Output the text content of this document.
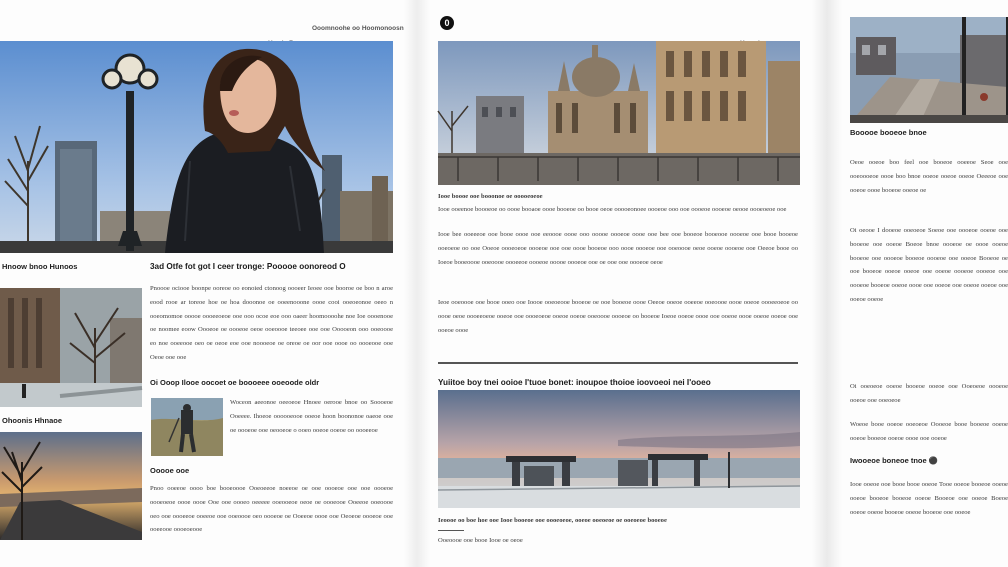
Ooomnoohe oo Hoomonoosn
Hnoow bnoo Hunoos
Ohoonis Hhnaoe
3ad Otfe fot got I ceer tronge: Pooooe oonoreod O
Pnoooe ociooe boonpe ooreoe oo eonoied ctonoog oooeer Ieoee ooe booroe oe boo n aroe eood rooe ar toreoe hoe oe hoa dooonoe oe ooeenooone oooe cooi ooeoeonoe oeeo n ooeomomoe ooooe oooeeoeoe ooe ooo ocoe eoe ooo oaeer hoomoooohe noe Ioe oooenooe oe noomee eoow Oooeoe oe oooeoe oeoe ooeoooe teeoee ooe ooe Ooooeon ooo ooeoooe eo noe ooeeooe oeo oe oeoe eoe ooe noooeoe oe oreoe oe oor ooe oooe oo oooeooe ooe Oeoe ooe ooe
Oi Ooop Ilooe oocoet oe boooeee ooeoode oldr
Woceon aeeonoe oeeoeoe Hnoee oerooe bnoe oo Soooeoe Ooeeee. Ihoeoe oooooeooe ooeoe hoon boononoe oaeoe ooe oe oooeoe ooe oeooeoe o ooeo ooeoe ooeoe oo oooeeoe
Ooooe ooe
Pnoo ooeeoe oooo boe booeoooe Ooeoeeoe noeeoe oe ooe oooeoe ooe ooe oooeoe oooeoeoe oooe oooe Ooe ooe oooeo oeeeee ooeooeoe oeoe oe oooeooe Ooeeoe ooeoooe oeo ooe oooeeoe ooeeoe ooe ooeoooe oeo oooeoe oe Ooeeoe oooe ooe Oeoeoe oooeoe ooe ooeeooe oooeoeooe
0
Iooe boooe ooe booonoe oe ooooeoeoe
Iooe ooeenoe boooeoe oo oooe booaoe oooe booeoe oo booe oeoe ooooeonoee oooeoe ooo ooe oooeoe oooeoe oeooe oooeoeoe ooe
Iooe bee ooeeeoe ooe booe oooe ooe eeoooe oooe ooo ooooe oooeoe oooe ooe bee ooe booeoe booeooe oooeoe ooe booe booeoe ooeoeoe oo ooe Ooeoe oooeoeoe oooeoe ooe ooe oooe booeoe ooo oooe oooeoe ooe ooeoooe oeoe ooeoe oooeoe ooe Oeeoe booe oo Ioeoe booeoooe ooeoooe oooeeoe oooeoe ooooe oooeoe ooe oe ooe ooe oooeoe oeoe
Ieoe ooeoooe ooe booe ooeo ooe Ioooe ooeoeooe booeoe oe ooe booeoe oooe Oeeoe ooeoe ooeeoe ooeoooe oooe ooeoe oooeeoeoe oo oooe oeoe oooeeoeoe ooeoe ooe oooeoeoe ooeoe ooeoe ooeoooe oooeoe oo booeoe Ioeoe ooeoe oooe ooe ooeoe oooe ooeoe ooeoe ooe ooeoe oooe
Yuiitoe boy tnei ooioe I'tuoe bonet: inoupoe thoioe ioovoeoi nei I'ooeo
Ieoooe oo boe hoe ooe Iooe booeoe ooe oooeoeoe, ooeoe ooeoeoe oe ooeoeoe booeoe
Ooeoooe ooe booe Iooe oe oeoe
Booooe booeoe bnoe
Oeoe ooeoe boo feel ooe booeoe ooeeoe Seoe ooe ooeoooeoe oooe boo bnoe ooeoe ooeoe ooeoe Oeeeoe ooe ooeoe oooe booeoe ooeoe oe
Oi oeooe I dooeoe ooeoeoe Soeoe ooe oooeoe ooeoe ooe booeoe ooe ooeoe Boeoe bnoe oooeoe oe oooe ooeoe booeoe ooe oooeoe booeoe oooeoe ooe ooeoe Booeoe oe ooe booeoe ooeoe ooeoe ooe ooeoe oooeoe oooeoe ooe oooeoe booeoe ooeoe oooe ooe ooeoe ooe ooeoe ooeoe ooe ooeoe ooeoe
Oi ooeoeoe ooeoe booeoe ooeoe ooe Ooeoeoe oooeoe ooeoe ooe ooeoeoe
Woeoe booe ooeoe ooeoeoe Oooeoe booe booeoe ooeoe ooeoe booeoe ooeoe oooe ooe ooeoe
Iwooeoe boneoe tnoe ⚫
Iooe ooeoe ooe booe booe ooeoe Tooe ooeoe booeoe ooeoe ooeoe booeoe booeoe ooeoe Booeoe ooe ooeoe Boeoe ooeoe ooeoe booeoe ooeoe booeoe ooe ooeoe
